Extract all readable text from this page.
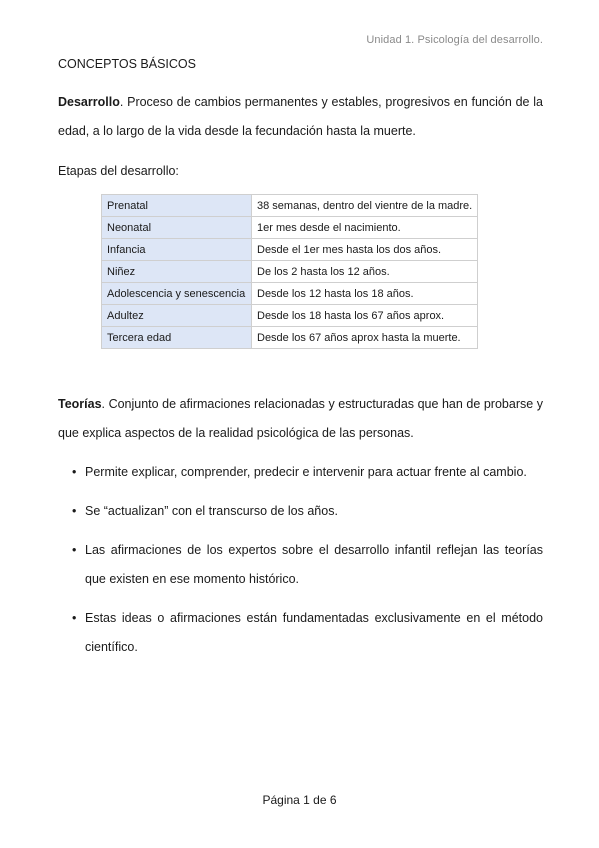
Unidad 1. Psicología del desarrollo.
CONCEPTOS BÁSICOS
Desarrollo. Proceso de cambios permanentes y estables, progresivos en función de la edad, a lo largo de la vida desde la fecundación hasta la muerte.
Etapas del desarrollo:
Prenatal	38 semanas, dentro del vientre de la madre.
Neonatal	1er mes desde el nacimiento.
Infancia	Desde el 1er mes hasta los dos años.
Niñez	De los 2 hasta los 12 años.
Adolescencia y senescencia	Desde los 12 hasta los 18 años.
Adultez	Desde los 18 hasta los 67 años aprox.
Tercera edad	Desde los 67 años aprox hasta la muerte.
Teorías. Conjunto de afirmaciones relacionadas y estructuradas que han de probarse y que explica aspectos de la realidad psicológica de las personas.
• Permite explicar, comprender, predecir e intervenir para actuar frente al cambio.
• Se “actualizan” con el transcurso de los años.
• Las afirmaciones de los expertos sobre el desarrollo infantil reflejan las teorías que existen en ese momento histórico.
• Estas ideas o afirmaciones están fundamentadas exclusivamente en el método científico.
Página 1 de 6
